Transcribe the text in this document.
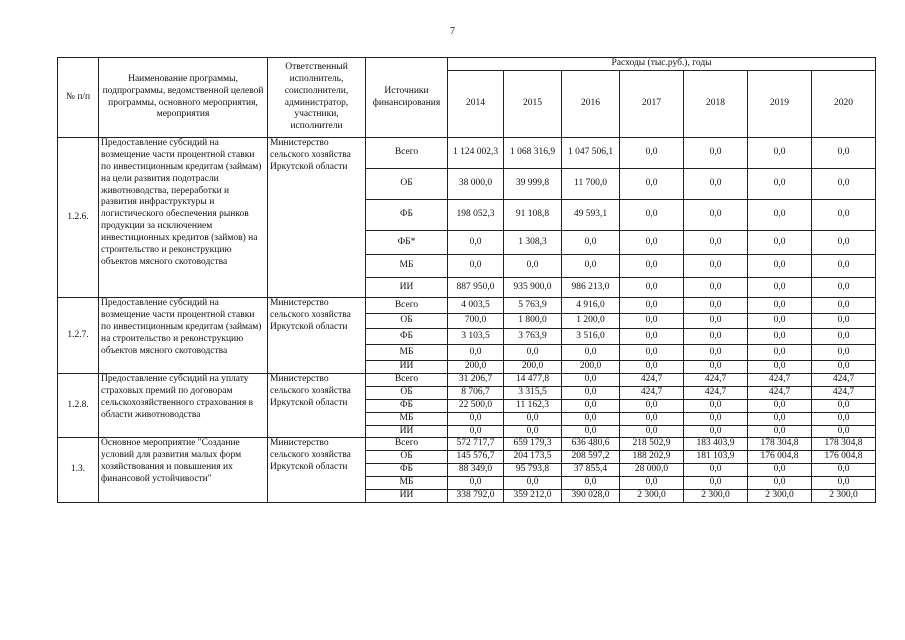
7
№ п/п	Наименование программы, подпрограммы, ведомственной целевой программы, основного мероприятия, мероприятия	Ответственный исполнитель, соисполнители, администратор, участники, исполнители	Источники финансирования	Расходы (тыс.руб.), годы						
				2014	2015	2016	2017	2018	2019	2020
1.2.6.	Предоставление субсидий на возмещение части процентной ставки по инвестиционным кредитам (займам) на цели развития подотрасли животноводства, переработки и развития инфраструктуры и логистического обеспечения рынков продукции за исключением инвестиционных кредитов (займов) на строительство и реконструкцию объектов мясного скотоводства	Министерство сельского хозяйства Иркутской области	Всего	1 124 002,3	1 068 316,9	1 047 506,1	0,0	0,0	0,0	0,0
			ОБ	38 000,0	39 999,8	11 700,0	0,0	0,0	0,0	0,0
			ФБ	198 052,3	91 108,8	49 593,1	0,0	0,0	0,0	0,0
			ФБ*	0,0	1 308,3	0,0	0,0	0,0	0,0	0,0
			МБ	0,0	0,0	0,0	0,0	0,0	0,0	0,0
			ИИ	887 950,0	935 900,0	986 213,0	0,0	0,0	0,0	0,0
1.2.7.	Предоставление субсидий на возмещение части процентной ставки по инвестиционным кредитам (займам) на строительство и реконструкцию объектов мясного скотоводства	Министерство сельского хозяйства Иркутской области	Всего	4 003,5	5 763,9	4 916,0	0,0	0,0	0,0	0,0
			ОБ	700,0	1 800,0	1 200,0	0,0	0,0	0,0	0,0
			ФБ	3 103,5	3 763,9	3 516,0	0,0	0,0	0,0	0,0
			МБ	0,0	0,0	0,0	0,0	0,0	0,0	0,0
			ИИ	200,0	200,0	200,0	0,0	0,0	0,0	0,0
1.2.8.	Предоставление субсидий на уплату страховых премий по договорам сельскохозяйственного страхования в области животноводства	Министерство сельского хозяйства Иркутской области	Всего	31 206,7	14 477,8	0,0	424,7	424,7	424,7	424,7
			ОБ	8 706,7	3 315,5	0,0	424,7	424,7	424,7	424,7
			ФБ	22 500,0	11 162,3	0,0	0,0	0,0	0,0	0,0
			МБ	0,0	0,0	0,0	0,0	0,0	0,0	0,0
			ИИ	0,0	0,0	0,0	0,0	0,0	0,0	0,0
1.3.	Основное мероприятие "Создание условий для развития малых форм хозяйствования и повышения их финансовой устойчивости"	Министерство сельского хозяйства Иркутской области	Всего	572 717,7	659 179,3	636 480,6	218 502,9	183 403,9	178 304,8	178 304,8
			ОБ	145 576,7	204 173,5	208 597,2	188 202,9	181 103,9	176 004,8	176 004,8
			ФБ	88 349,0	95 793,8	37 855,4	28 000,0	0,0	0,0	0,0
			МБ	0,0	0,0	0,0	0,0	0,0	0,0	0,0
			ИИ	338 792,0	359 212,0	390 028,0	2 300,0	2 300,0	2 300,0	2 300,0
